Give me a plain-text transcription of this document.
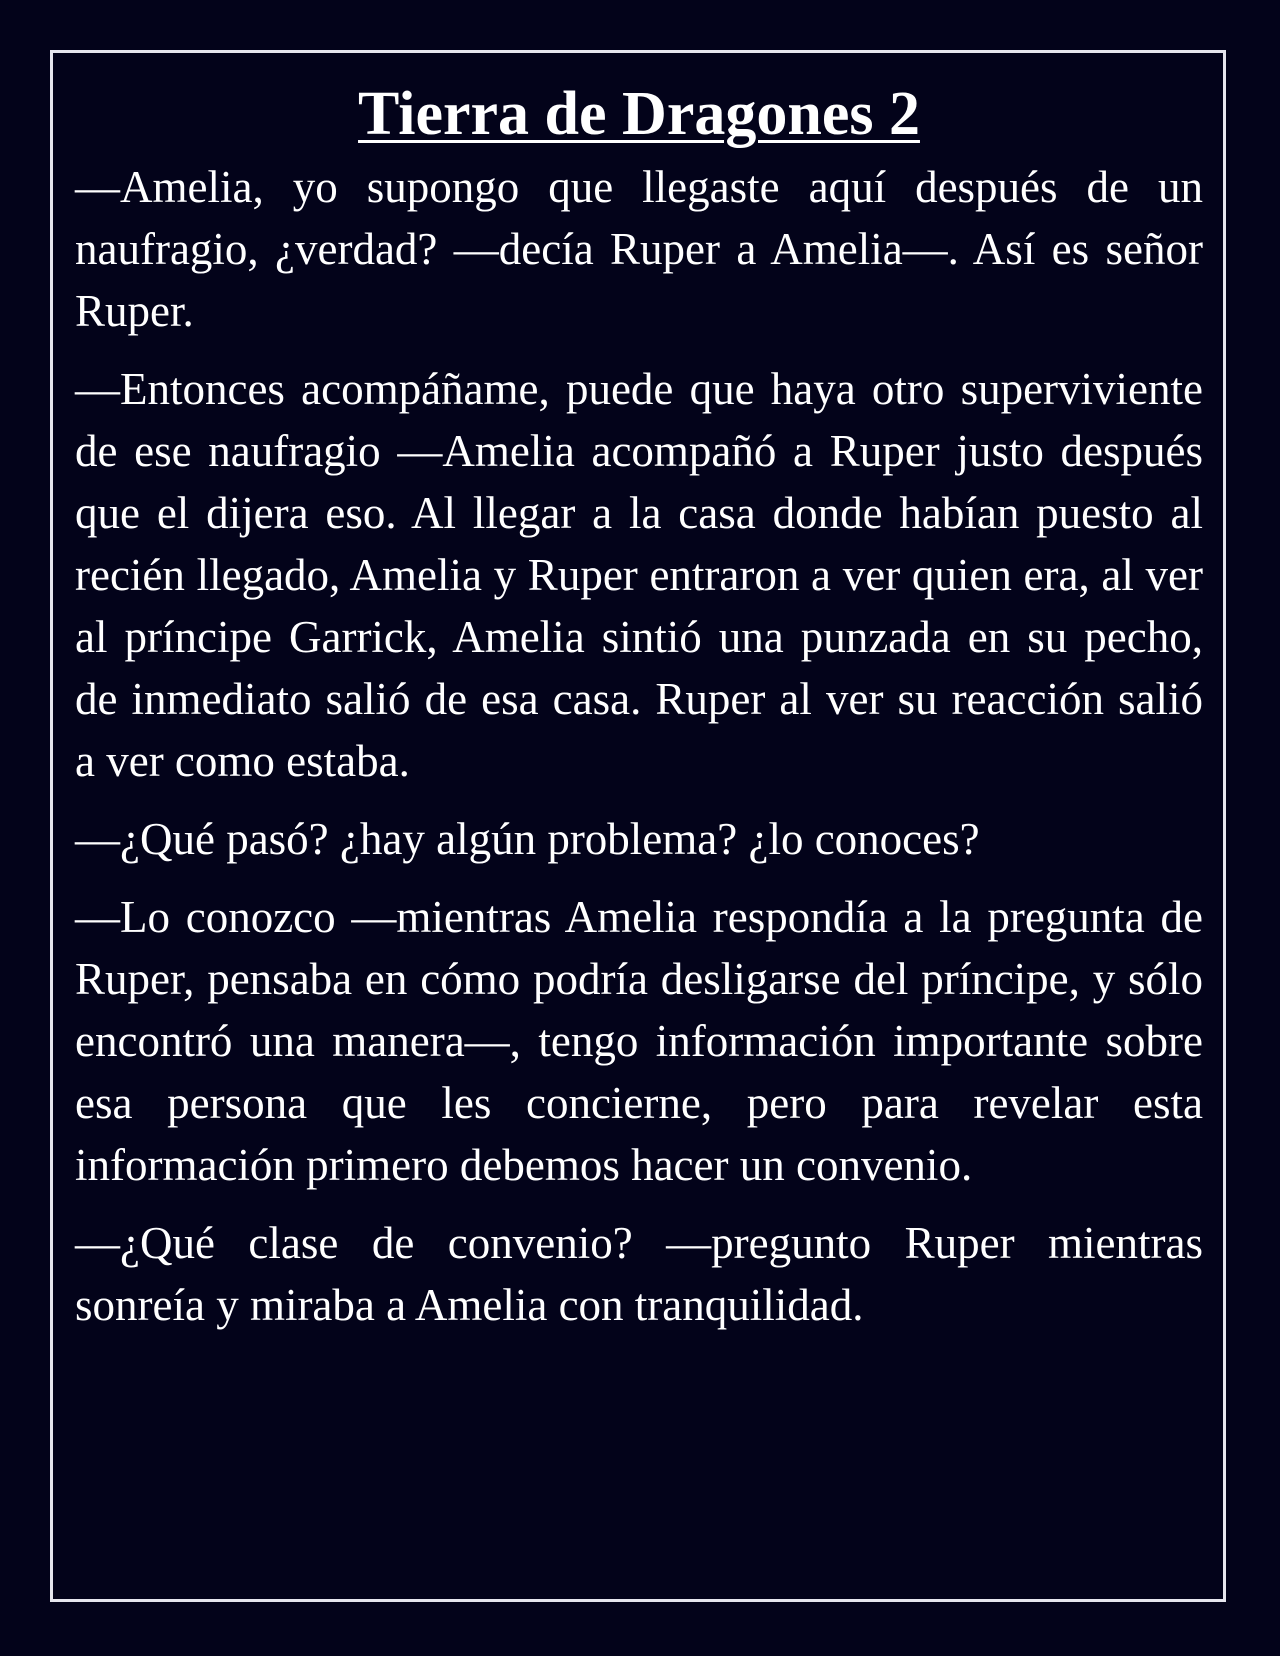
Tierra de Dragones 2

—Amelia, yo supongo que llegaste aquí después de un naufragio, ¿verdad? —decía Ruper a Amelia—. Así es señor Ruper.

—Entonces acompáñame, puede que haya otro superviviente de ese naufragio —Amelia acompañó a Ruper justo después que el dijera eso. Al llegar a la casa donde habían puesto al recién llegado, Amelia y Ruper entraron a ver quien era, al ver al príncipe Garrick, Amelia sintió una punzada en su pecho, de inmediato salió de esa casa. Ruper al ver su reacción salió a ver como estaba.

—¿Qué pasó? ¿hay algún problema? ¿lo conoces?

—Lo conozco —mientras Amelia respondía a la pregunta de Ruper, pensaba en cómo podría desligarse del príncipe, y sólo encontró una manera—, tengo información importante sobre esa persona que les concierne, pero para revelar esta información primero debemos hacer un convenio.

—¿Qué clase de convenio? —pregunto Ruper mientras sonreía y miraba a Amelia con tranquilidad.
